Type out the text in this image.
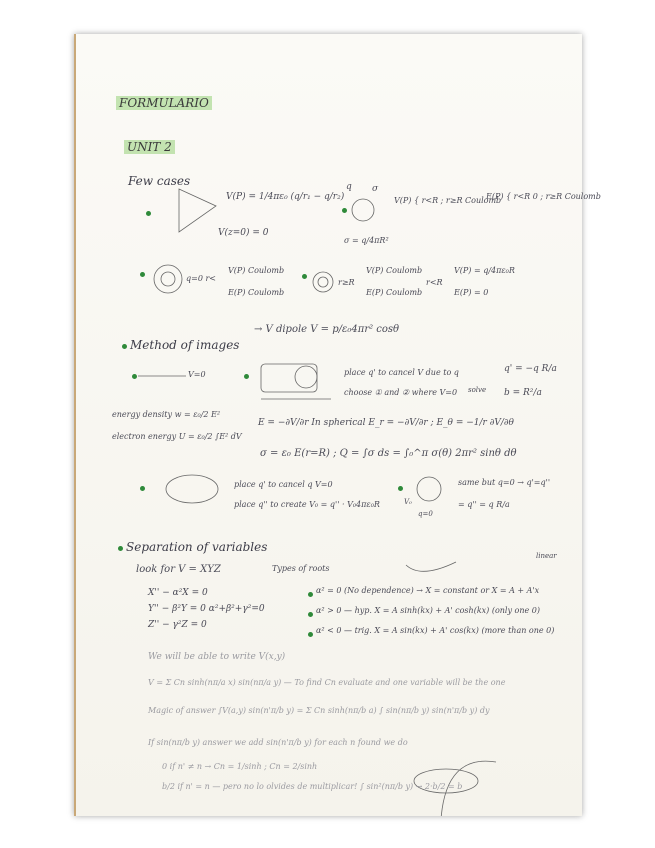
FORMULARIO
UNIT 2
Few cases
V(P) = 1/4πε₀ (q/r₁ − q/r₂)
V(z=0) = 0
q σ
V(P) { r<R ; r≥R Coulomb
E(P) { r<R 0 ; r≥R Coulomb
σ = q/4πR²
q=0 r<
V(P) Coulomb
E(P) Coulomb
r≥R
V(P) Coulomb
E(P) Coulomb
r<R
V(P) = q/4πε₀R
E(P) = 0
→ V dipole V = p/ε₀4πr² cosθ
Method of images
V=0	place q' to cancel V due to q
choose ① and ② where V=0 solve
q' = −q R/a
b = R²/a
energy density w = ε₀/2 E²
electron energy U = ε₀/2 ∫E² dV
E = −∂V/∂r In spherical E_r = −∂V/∂r ; E_θ = −1/r ∂V/∂θ
σ = ε₀ E(r=R) ; Q = ∫σ ds = ∫₀^π σ(θ) 2πr² sinθ dθ
place q' to cancel q V=0
place q'' to create V₀ = q'' · V₀4πε₀R	V₀
q=0
same but q=0 → q'=q''
= q'' = q R/a
Separation of variables
linear
look for V = XYZ	Types of roots
X'' − α²X = 0
Y'' − β²Y = 0 α²+β²+γ²=0
Z'' − γ²Z = 0
α² = 0 (No dependence) → X = constant or X = A + A'x
α² > 0 — hyp. X = A sinh(kx) + A' cosh(kx) (only one 0)
α² < 0 — trig. X = A sin(kx) + A' cos(kx) (more than one 0)
We will be able to write V(x,y)
V = Σ Cn sinh(nπ/a x) sin(nπ/a y) — To find Cn evaluate and one variable will be the one
Magic of answer ∫V(a,y) sin(n'π/b y) = Σ Cn sinh(nπ/b a) ∫ sin(nπ/b y) sin(n'π/b y) dy
If sin(nπ/b y) answer we add sin(n'π/b y) for each n found we do
0 if n' ≠ n → Cn = 1/sinh ; Cn = 2/sinh
b/2 if n' = n — pero no lo olvides de multiplicar! ∫ sin²(nπ/b y) → 2·b/2 = b
